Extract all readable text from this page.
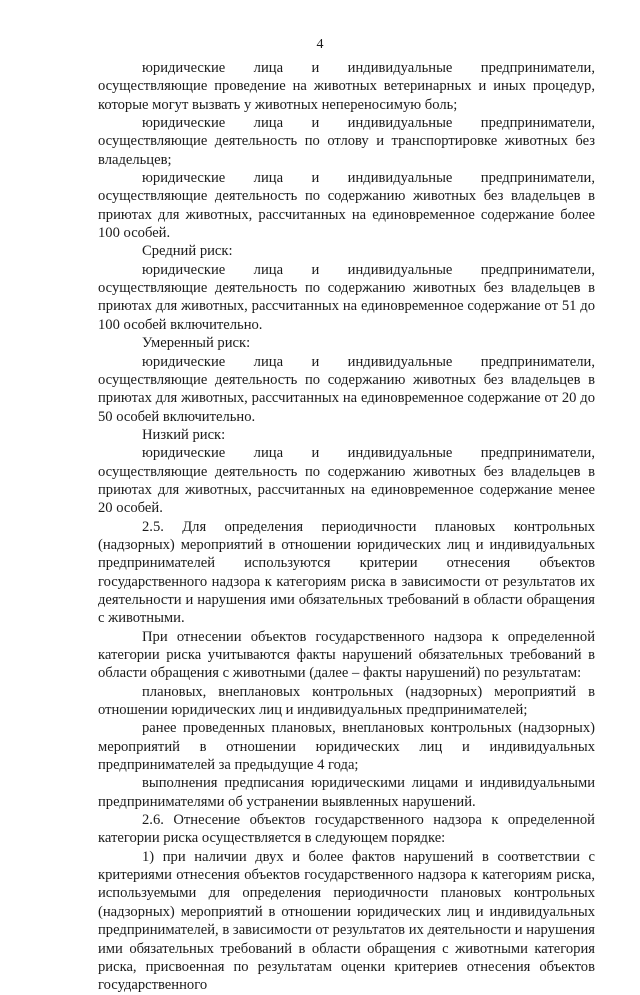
4

юридические лица и индивидуальные предприниматели, осуществляющие проведение на животных ветеринарных и иных процедур, которые могут вызвать у животных непереносимую боль;

юридические лица и индивидуальные предприниматели, осуществляющие деятельность по отлову и транспортировке животных без владельцев;

юридические лица и индивидуальные предприниматели, осуществляющие деятельность по содержанию животных без владельцев в приютах для животных, рассчитанных на единовременное содержание более 100 особей.

Средний риск:

юридические лица и индивидуальные предприниматели, осуществляющие деятельность по содержанию животных без владельцев в приютах для животных, рассчитанных на единовременное содержание от 51 до 100 особей включительно.

Умеренный риск:

юридические лица и индивидуальные предприниматели, осуществляющие деятельность по содержанию животных без владельцев в приютах для животных, рассчитанных на единовременное содержание от 20 до 50 особей включительно.

Низкий риск:

юридические лица и индивидуальные предприниматели, осуществляющие деятельность по содержанию животных без владельцев в приютах для животных, рассчитанных на единовременное содержание менее 20 особей.

2.5. Для определения периодичности плановых контрольных (надзорных) мероприятий в отношении юридических лиц и индивидуальных предпринимателей используются критерии отнесения объектов государственного надзора к категориям риска в зависимости от результатов их деятельности и нарушения ими обязательных требований в области обращения с животными.

При отнесении объектов государственного надзора к определенной категории риска учитываются факты нарушений обязательных требований в области обращения с животными (далее – факты нарушений) по результатам:

плановых, внеплановых контрольных (надзорных) мероприятий в отношении юридических лиц и индивидуальных предпринимателей;

ранее проведенных плановых, внеплановых контрольных (надзорных) мероприятий в отношении юридических лиц и индивидуальных предпринимателей за предыдущие 4 года;

выполнения предписания юридическими лицами и индивидуальными предпринимателями об устранении выявленных нарушений.

2.6. Отнесение объектов государственного надзора к определенной категории риска осуществляется в следующем порядке:

1) при наличии двух и более фактов нарушений в соответствии с критериями отнесения объектов государственного надзора к категориям риска, используемыми для определения периодичности плановых контрольных (надзорных) мероприятий в отношении юридических лиц и индивидуальных предпринимателей, в зависимости от результатов их деятельности и нарушения ими обязательных требований в области обращения с животными категория риска, присвоенная по результатам оценки критериев отнесения объектов государственного
